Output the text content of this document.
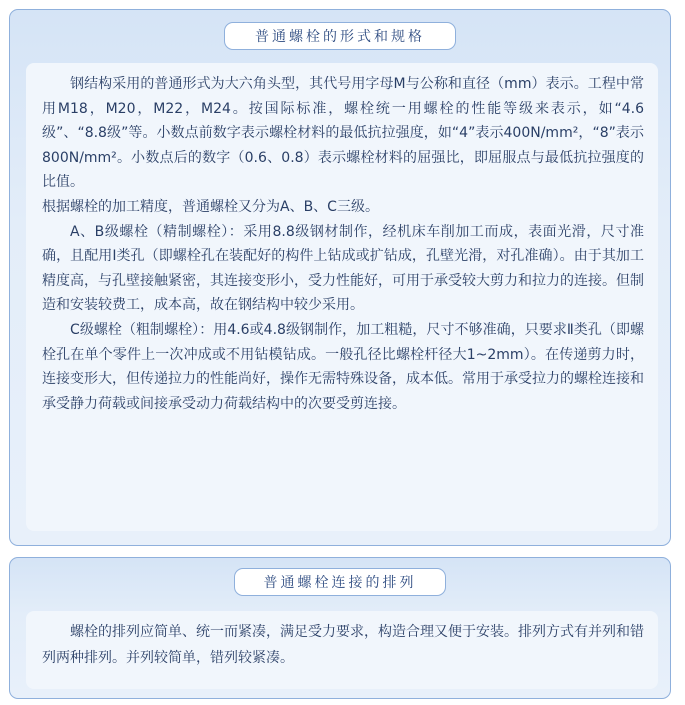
普通螺栓的形式和规格

钢结构采用的普通形式为大六角头型，其代号用字母M与公称和直径（mm）表示。工程中常用M18，M20，M22，M24。按国际标准，螺栓统一用螺栓的性能等级来表示，如“4.6级”、“8.8级”等。小数点前数字表示螺栓材料的最低抗拉强度，如“4”表示400N/mm²，“8”表示800N/mm²。小数点后的数字（0.6、0.8）表示螺栓材料的屈强比，即屈服点与最低抗拉强度的比值。

根据螺栓的加工精度，普通螺栓又分为A、B、C三级。

A、B级螺栓（精制螺栓）：采用8.8级钢材制作，经机床车削加工而成，表面光滑，尺寸准确，且配用Ⅰ类孔（即螺栓孔在装配好的构件上钻成或扩钻成，孔壁光滑，对孔准确）。由于其加工精度高，与孔壁接触紧密，其连接变形小，受力性能好，可用于承受较大剪力和拉力的连接。但制造和安装较费工，成本高，故在钢结构中较少采用。

C级螺栓（粗制螺栓）：用4.6或4.8级钢制作，加工粗糙，尺寸不够准确，只要求Ⅱ类孔（即螺栓孔在单个零件上一次冲成或不用钻模钻成。一般孔径比螺栓杆径大1~2mm）。在传递剪力时，连接变形大，但传递拉力的性能尚好，操作无需特殊设备，成本低。常用于承受拉力的螺栓连接和承受静力荷载或间接承受动力荷载结构中的次要受剪连接。

普通螺栓连接的排列

螺栓的排列应简单、统一而紧凑，满足受力要求，构造合理又便于安装。排列方式有并列和错列两种排列。并列较简单，错列较紧凑。
